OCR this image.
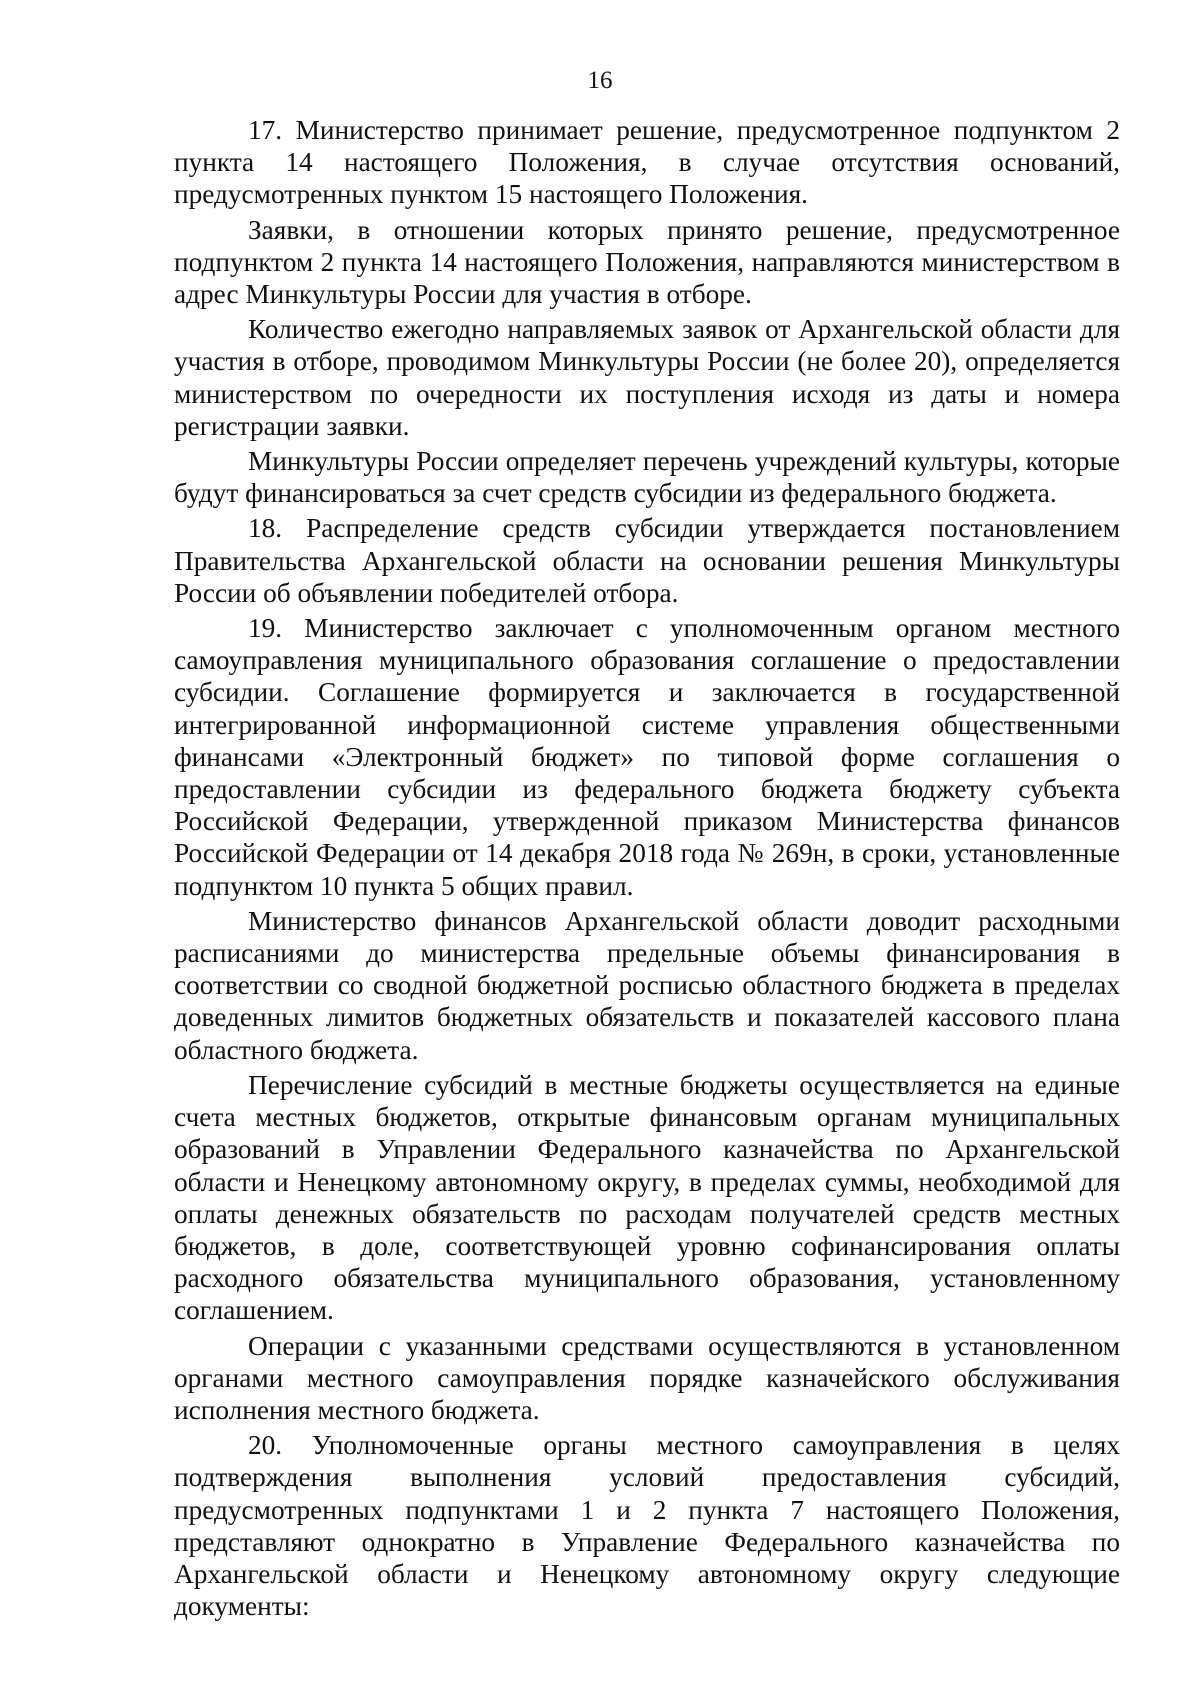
16

17. Министерство принимает решение, предусмотренное подпунктом 2 пункта 14 настоящего Положения, в случае отсутствия оснований, предусмотренных пунктом 15 настоящего Положения.

Заявки, в отношении которых принято решение, предусмотренное подпунктом 2 пункта 14 настоящего Положения, направляются министерством в адрес Минкультуры России для участия в отборе.

Количество ежегодно направляемых заявок от Архангельской области для участия в отборе, проводимом Минкультуры России (не более 20), определяется министерством по очередности их поступления исходя из даты и номера регистрации заявки.

Минкультуры России определяет перечень учреждений культуры, которые будут финансироваться за счет средств субсидии из федерального бюджета.

18. Распределение средств субсидии утверждается постановлением Правительства Архангельской области на основании решения Минкультуры России об объявлении победителей отбора.

19. Министерство заключает с уполномоченным органом местного самоуправления муниципального образования соглашение о предоставлении субсидии. Соглашение формируется и заключается в государственной интегрированной информационной системе управления общественными финансами «Электронный бюджет» по типовой форме соглашения о предоставлении субсидии из федерального бюджета бюджету субъекта Российской Федерации, утвержденной приказом Министерства финансов Российской Федерации от 14 декабря 2018 года № 269н, в сроки, установленные подпунктом 10 пункта 5 общих правил.

Министерство финансов Архангельской области доводит расходными расписаниями до министерства предельные объемы финансирования в соответствии со сводной бюджетной росписью областного бюджета в пределах доведенных лимитов бюджетных обязательств и показателей кассового плана областного бюджета.

Перечисление субсидий в местные бюджеты осуществляется на единые счета местных бюджетов, открытые финансовым органам муниципальных образований в Управлении Федерального казначейства по Архангельской области и Ненецкому автономному округу, в пределах суммы, необходимой для оплаты денежных обязательств по расходам получателей средств местных бюджетов, в доле, соответствующей уровню софинансирования оплаты расходного обязательства муниципального образования, установленному соглашением.

Операции с указанными средствами осуществляются в установленном органами местного самоуправления порядке казначейского обслуживания исполнения местного бюджета.

20. Уполномоченные органы местного самоуправления в целях подтверждения выполнения условий предоставления субсидий, предусмотренных подпунктами 1 и 2 пункта 7 настоящего Положения, представляют однократно в Управление Федерального казначейства по Архангельской области и Ненецкому автономному округу следующие документы:
